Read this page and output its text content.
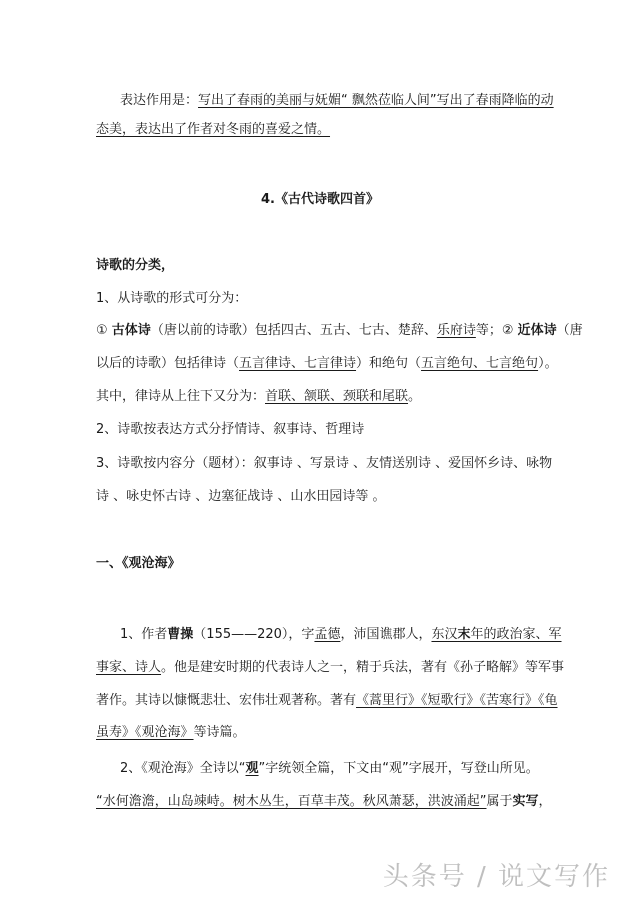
表达作用是：写出了春雨的美丽与妩媚“ 飘然莅临人间”写出了春雨降临的动
态美，表达出了作者对冬雨的喜爱之情。
4.《古代诗歌四首》
诗歌的分类，
1、从诗歌的形式可分为：
① 古体诗（唐以前的诗歌）包括四古、五古、七古、楚辞、乐府诗等；② 近体诗（唐
以后的诗歌）包括律诗（五言律诗、七言律诗）和绝句（五言绝句、七言绝句）。
其中，律诗从上往下又分为：首联、颔联、颈联和尾联。
2、诗歌按表达方式分抒情诗、叙事诗、哲理诗
3、诗歌按内容分（题材）：叙事诗 、写景诗 、友情送别诗 、爱国怀乡诗、咏物
诗 、咏史怀古诗 、边塞征战诗 、山水田园诗等 。
一、《观沧海》
1、作者曹操（155——220），字孟德，沛国谯郡人，东汉末年的政治家、军
事家、诗人。他是建安时期的代表诗人之一，精于兵法，著有《孙子略解》等军事
著作。其诗以慷慨悲壮、宏伟壮观著称。著有《蒿里行》《短歌行》《苦寒行》《龟
虽寿》《观沧海》等诗篇。
2、《观沧海》全诗以“观”字统领全篇，下文由“观”字展开，写登山所见。
“水何澹澹，山岛竦峙。树木丛生，百草丰茂。秋风萧瑟，洪波涌起”属于实写，
头条号 / 说文写作
